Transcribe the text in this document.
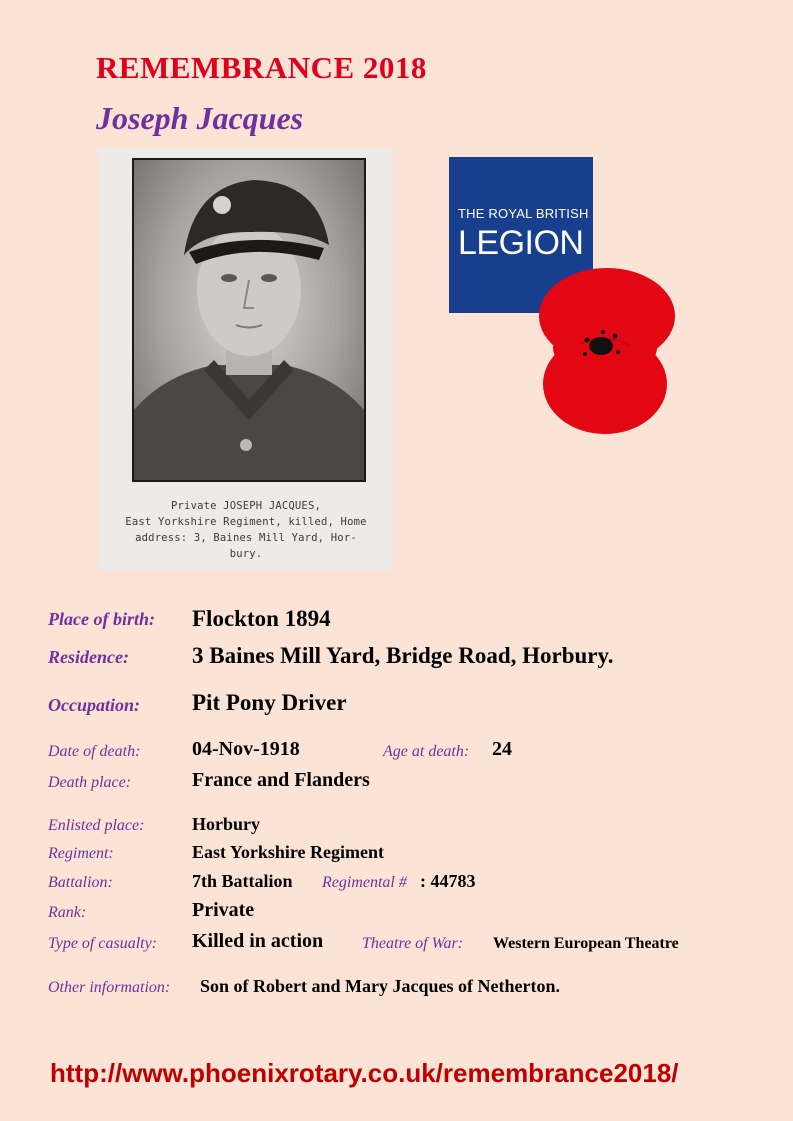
REMEMBRANCE 2018
Joseph Jacques
Private JOSEPH JACQUES,
East Yorkshire Regiment, killed, Home
address: 3, Baines Mill Yard, Hor-
bury.
THE ROYAL BRITISH
LEGION
Place of birth: Flockton 1894
Residence:	3 Baines Mill Yard, Bridge Road, Horbury.
Occupation: Pit Pony Driver
Date of death:	04-Nov-1918	Age at death: 24
Death place:	France and Flanders
Enlisted place:	Horbury
Regiment:	East Yorkshire Regiment
Battalion:	7th Battalion Regimental # : 44783
Rank:	Private
Type of casualty: Killed in action Theatre of War: Western European Theatre
Other information: Son of Robert and Mary Jacques of Netherton.
http://www.phoenixrotary.co.uk/remembrance2018/
